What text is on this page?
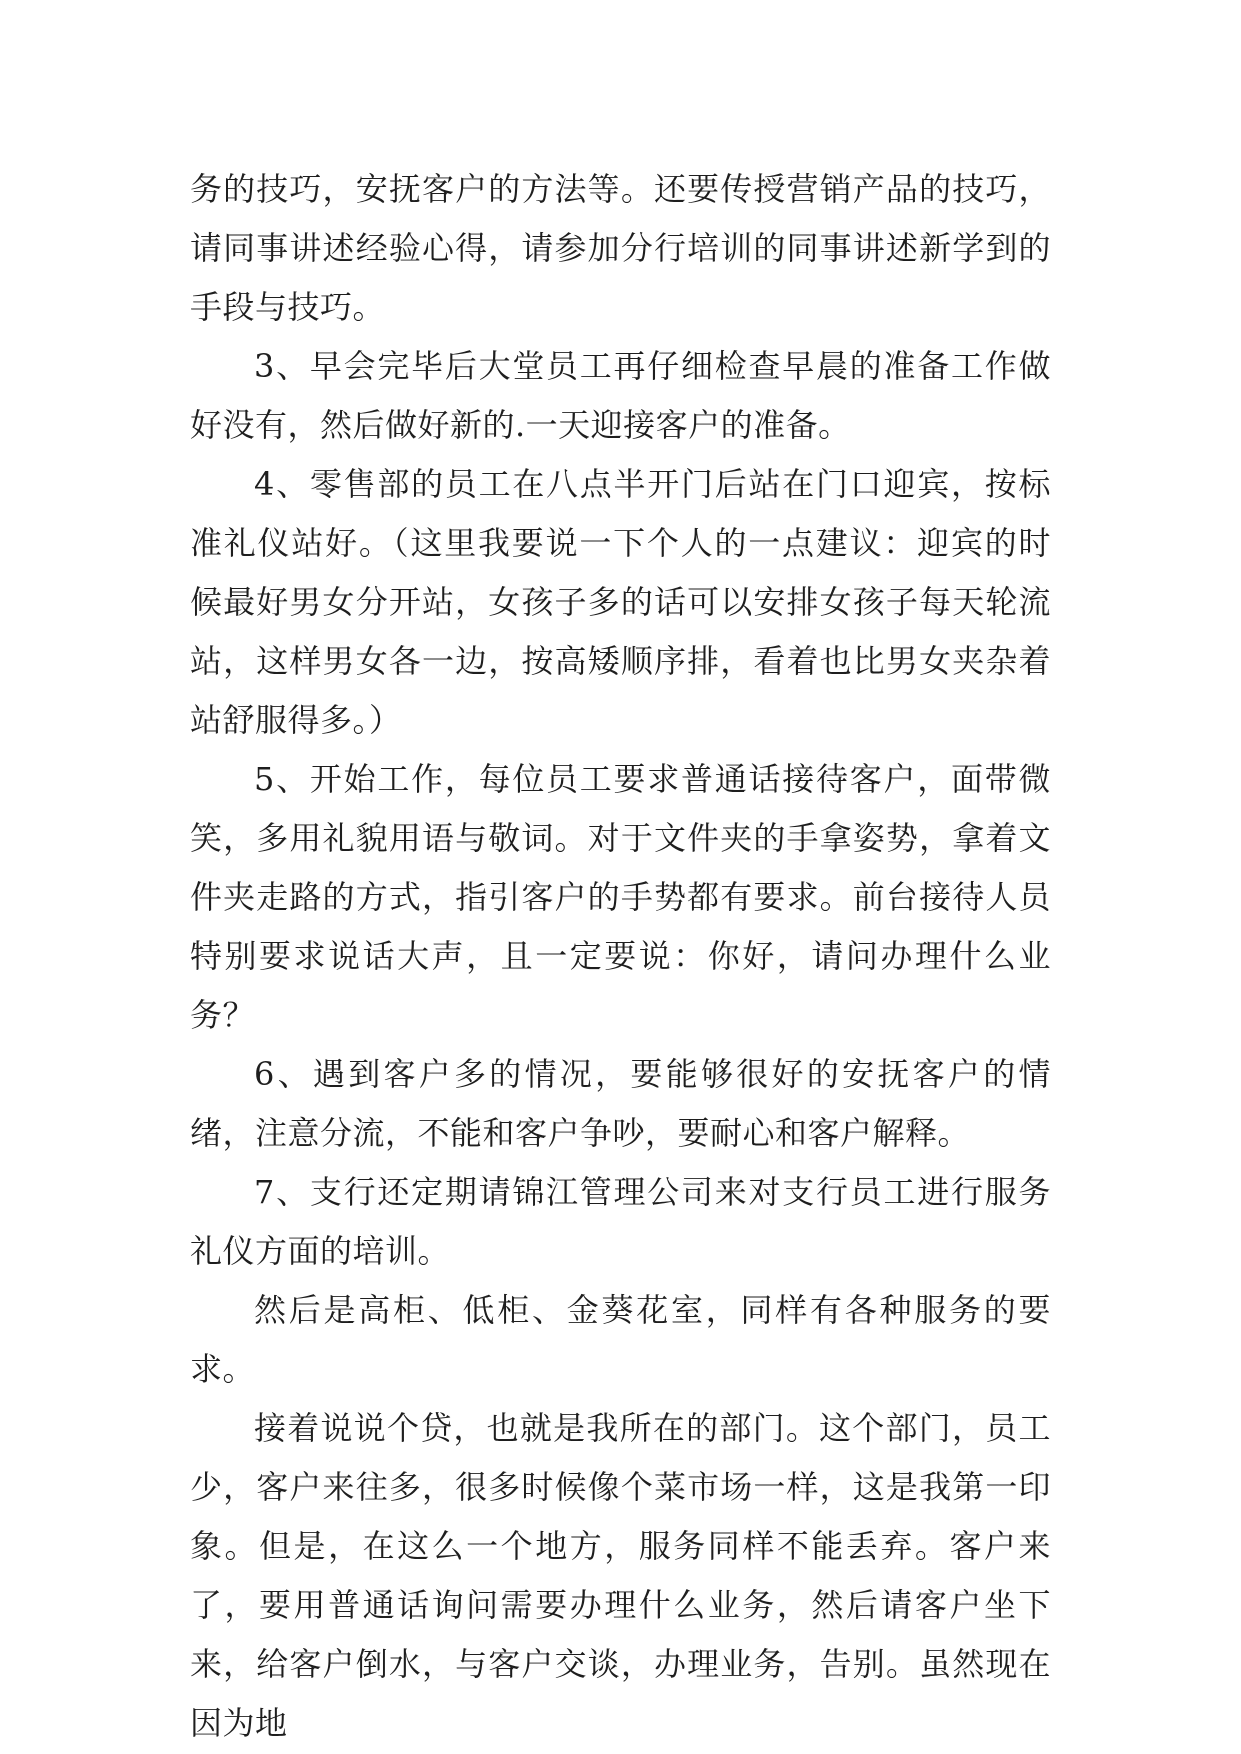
务的技巧，安抚客户的方法等。还要传授营销产品的技巧，请同事讲述经验心得，请参加分行培训的同事讲述新学到的手段与技巧。

3、早会完毕后大堂员工再仔细检查早晨的准备工作做好没有，然后做好新的.一天迎接客户的准备。

4、零售部的员工在八点半开门后站在门口迎宾，按标准礼仪站好。（这里我要说一下个人的一点建议：迎宾的时候最好男女分开站，女孩子多的话可以安排女孩子每天轮流站，这样男女各一边，按高矮顺序排，看着也比男女夹杂着站舒服得多。）

5、开始工作，每位员工要求普通话接待客户，面带微笑，多用礼貌用语与敬词。对于文件夹的手拿姿势，拿着文件夹走路的方式，指引客户的手势都有要求。前台接待人员特别要求说话大声，且一定要说：你好，请问办理什么业务？

6、遇到客户多的情况，要能够很好的安抚客户的情绪，注意分流，不能和客户争吵，要耐心和客户解释。

7、支行还定期请锦江管理公司来对支行员工进行服务礼仪方面的培训。

然后是高柜、低柜、金葵花室，同样有各种服务的要求。

接着说说个贷，也就是我所在的部门。这个部门，员工少，客户来往多，很多时候像个菜市场一样，这是我第一印象。但是，在这么一个地方，服务同样不能丢弃。客户来了，要用普通话询问需要办理什么业务，然后请客户坐下来，给客户倒水，与客户交谈，办理业务，告别。虽然现在因为地
